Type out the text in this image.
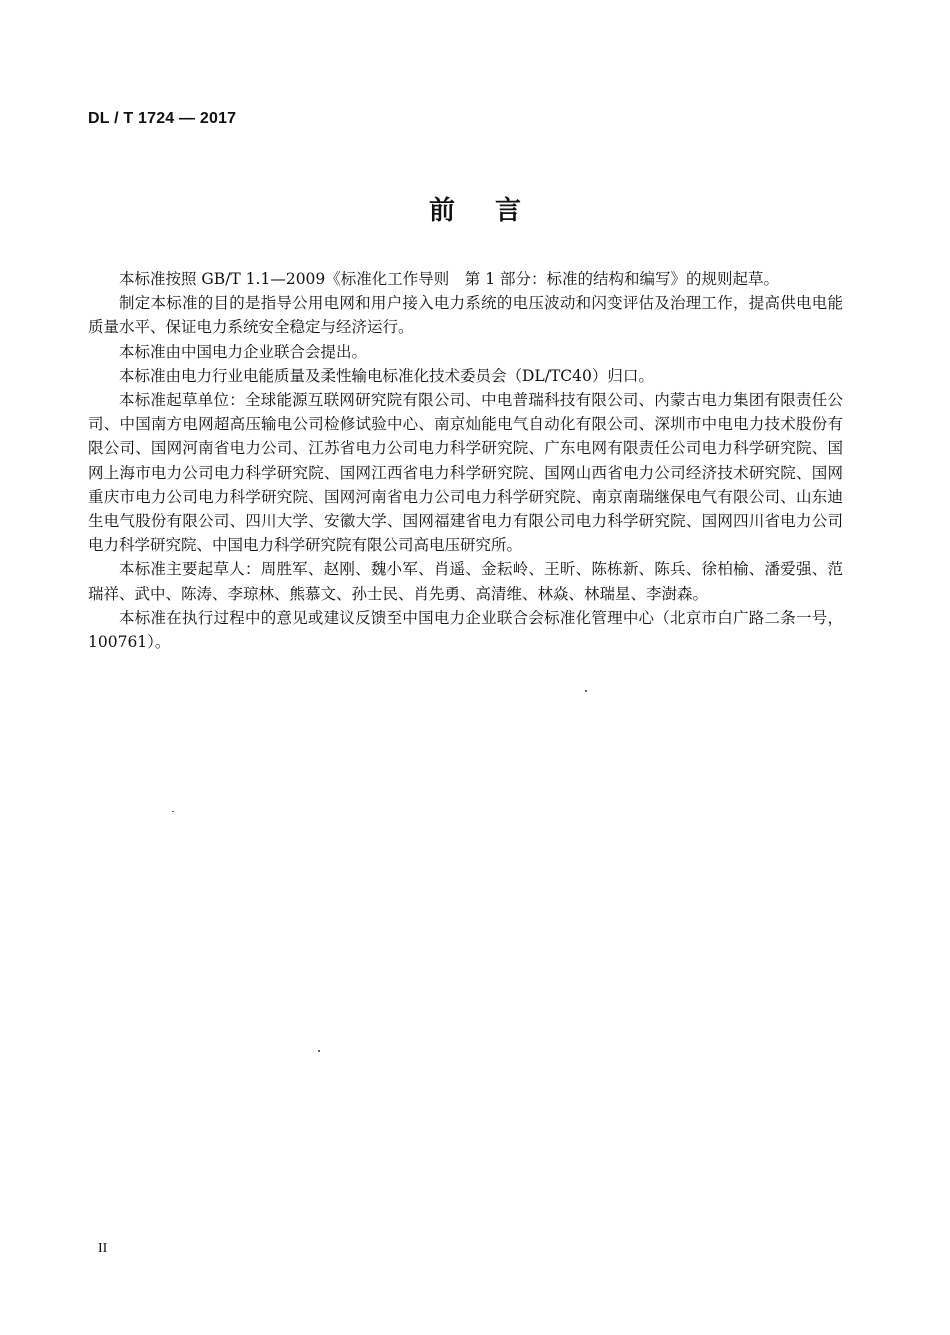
DL / T 1724 — 2017
前言

本标准按照 GB/T 1.1—2009《标准化工作导则　第 1 部分：标准的结构和编写》的规则起草。

制定本标准的目的是指导公用电网和用户接入电力系统的电压波动和闪变评估及治理工作，提高供电电能质量水平、保证电力系统安全稳定与经济运行。

本标准由中国电力企业联合会提出。

本标准由电力行业电能质量及柔性输电标准化技术委员会（DL/TC40）归口。

本标准起草单位：全球能源互联网研究院有限公司、中电普瑞科技有限公司、内蒙古电力集团有限责任公司、中国南方电网超高压输电公司检修试验中心、南京灿能电气自动化有限公司、深圳市中电电力技术股份有限公司、国网河南省电力公司、江苏省电力公司电力科学研究院、广东电网有限责任公司电力科学研究院、国网上海市电力公司电力科学研究院、国网江西省电力科学研究院、国网山西省电力公司经济技术研究院、国网重庆市电力公司电力科学研究院、国网河南省电力公司电力科学研究院、南京南瑞继保电气有限公司、山东迪生电气股份有限公司、四川大学、安徽大学、国网福建省电力有限公司电力科学研究院、国网四川省电力公司电力科学研究院、中国电力科学研究院有限公司高电压研究所。

本标准主要起草人：周胜军、赵刚、魏小军、肖遥、金耘岭、王昕、陈栋新、陈兵、徐柏榆、潘爱强、范瑞祥、武中、陈涛、李琼林、熊慕文、孙士民、肖先勇、高清维、林焱、林瑞星、李澍森。

本标准在执行过程中的意见或建议反馈至中国电力企业联合会标准化管理中心（北京市白广路二条一号，100761）。

II
